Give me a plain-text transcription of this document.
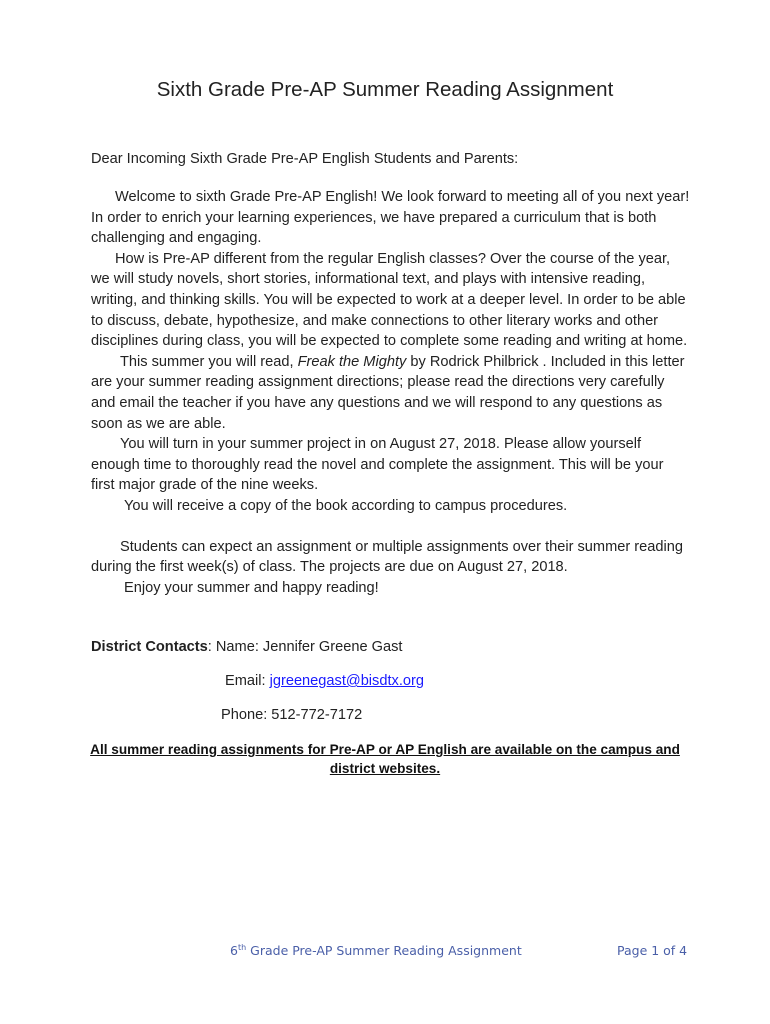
Sixth Grade Pre-AP Summer Reading Assignment
Dear Incoming Sixth Grade Pre-AP English Students and Parents:

Welcome to sixth Grade Pre-AP English! We look forward to meeting all of you next year! In order to enrich your learning experiences, we have prepared a curriculum that is both challenging and engaging.

How is Pre-AP different from the regular English classes? Over the course of the year, we will study novels, short stories, informational text, and plays with intensive reading, writing, and thinking skills. You will be expected to work at a deeper level. In order to be able to discuss, debate, hypothesize, and make connections to other literary works and other disciplines during class, you will be expected to complete some reading and writing at home.

This summer you will read, Freak the Mighty by Rodrick Philbrick . Included in this letter are your summer reading assignment directions; please read the directions very carefully and email the teacher if you have any questions and we will respond to any questions as soon as we are able.

You will turn in your summer project in on August 27, 2018. Please allow yourself enough time to thoroughly read the novel and complete the assignment. This will be your first major grade of the nine weeks.

You will receive a copy of the book according to campus procedures.

Students can expect an assignment or multiple assignments over their summer reading during the first week(s) of class. The projects are due on August 27, 2018.

Enjoy your summer and happy reading!

District Contacts: Name: Jennifer Greene Gast
Email: jgreenegast@bisdtx.org
Phone: 512-772-7172
All summer reading assignments for Pre-AP or AP English are available on the campus and district websites.
6th Grade Pre-AP Summer Reading Assignment	Page 1 of 4
